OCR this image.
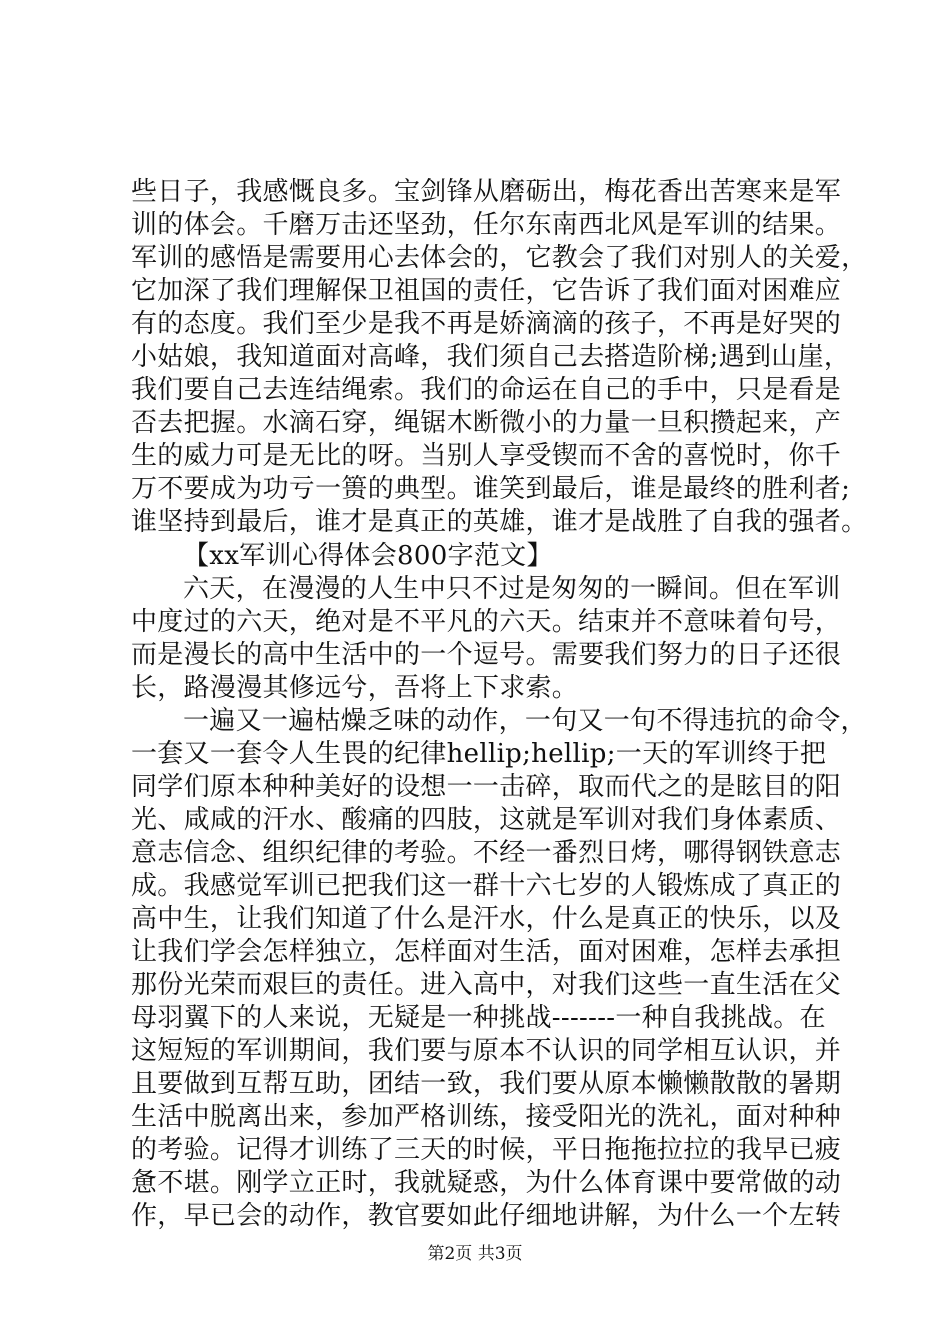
些日子，我感慨良多。宝剑锋从磨砺出，梅花香出苦寒来是军
训的体会。千磨万击还坚劲，任尔东南西北风是军训的结果。
军训的感悟是需要用心去体会的，它教会了我们对别人的关爱，
它加深了我们理解保卫祖国的责任，它告诉了我们面对困难应
有的态度。我们至少是我不再是娇滴滴的孩子，不再是好哭的
小姑娘，我知道面对高峰，我们须自己去搭造阶梯;遇到山崖，
我们要自己去连结绳索。我们的命运在自己的手中，只是看是
否去把握。水滴石穿，绳锯木断微小的力量一旦积攒起来，产
生的威力可是无比的呀。当别人享受锲而不舍的喜悦时，你千
万不要成为功亏一篑的典型。谁笑到最后，谁是最终的胜利者;
谁坚持到最后，谁才是真正的英雄，谁才是战胜了自我的强者。
【xx军训心得体会800字范文】
六天，在漫漫的人生中只不过是匆匆的一瞬间。但在军训
中度过的六天，绝对是不平凡的六天。结束并不意味着句号，
而是漫长的高中生活中的一个逗号。需要我们努力的日子还很
长，路漫漫其修远兮，吾将上下求索。
一遍又一遍枯燥乏味的动作，一句又一句不得违抗的命令，
一套又一套令人生畏的纪律hellip;hellip;一天的军训终于把
同学们原本种种美好的设想一一击碎，取而代之的是眩目的阳
光、咸咸的汗水、酸痛的四肢，这就是军训对我们身体素质、
意志信念、组织纪律的考验。不经一番烈日烤，哪得钢铁意志
成。我感觉军训已把我们这一群十六七岁的人锻炼成了真正的
高中生，让我们知道了什么是汗水，什么是真正的快乐，以及
让我们学会怎样独立，怎样面对生活，面对困难，怎样去承担
那份光荣而艰巨的责任。进入高中，对我们这些一直生活在父
母羽翼下的人来说，无疑是一种挑战-------一种自我挑战。在
这短短的军训期间，我们要与原本不认识的同学相互认识，并
且要做到互帮互助，团结一致，我们要从原本懒懒散散的暑期
生活中脱离出来，参加严格训练，接受阳光的洗礼，面对种种
的考验。记得才训练了三天的时候，平日拖拖拉拉的我早已疲
惫不堪。刚学立正时，我就疑惑，为什么体育课中要常做的动
作，早已会的动作，教官要如此仔细地讲解，为什么一个左转
第2页 共3页
